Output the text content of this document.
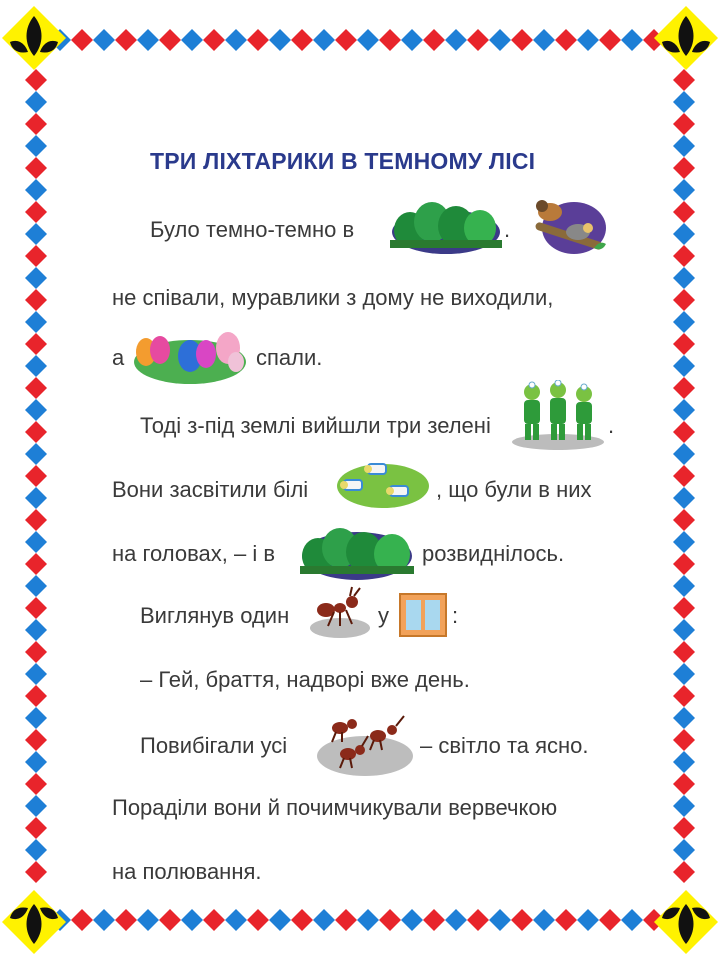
ТРИ ЛІХТАРИКИ В ТЕМНОМУ ЛІСІ
Було темно-темно в	.
не співали, муравлики з дому не виходили,
а	спали.
Тоді з-під землі вийшли три зелені	.
Вони засвітили білі	, що були в них
на головах, – і в	розвиднілось.
Виглянув один	у	:
– Гей, браття, надворі вже день.
Повибігали усі	– світло та ясно.
Порадiли вони й почимчикували вервечкою
на полювання.
